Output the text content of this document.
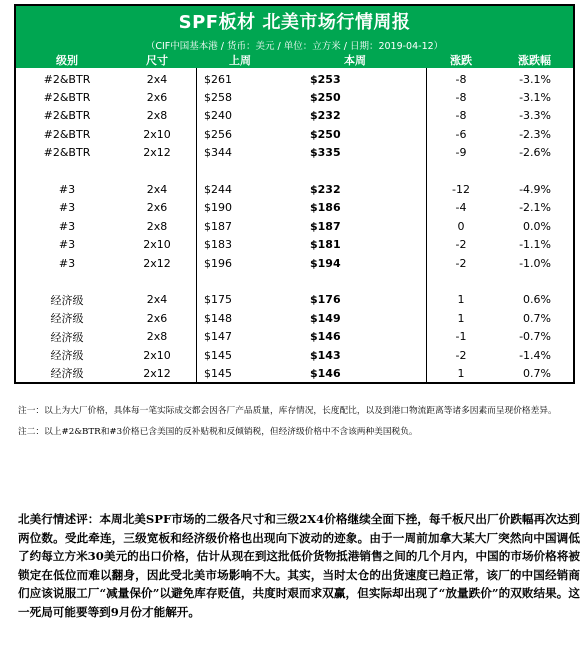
SPF板材 北美市场行情周报
（CIF中国基本港 / 货币：美元 / 单位：立方米 / 日期：2019-04-12）
级别	尺寸	上周	本周	涨跌	涨跌幅
#2&BTR	2x4	$261	$253	-8	-3.1%
#2&BTR	2x6	$258	$250	-8	-3.1%
#2&BTR	2x8	$240	$232	-8	-3.3%
#2&BTR	2x10	$256	$250	-6	-2.3%
#2&BTR	2x12	$344	$335	-9	-2.6%
#3	2x4	$244	$232	-12	-4.9%
#3	2x6	$190	$186	-4	-2.1%
#3	2x8	$187	$187	0	0.0%
#3	2x10	$183	$181	-2	-1.1%
#3	2x12	$196	$194	-2	-1.0%
经济级	2x4	$175	$176	1	0.6%
经济级	2x6	$148	$149	1	0.7%
经济级	2x8	$147	$146	-1	-0.7%
经济级	2x10	$145	$143	-2	-1.4%
经济级	2x12	$145	$146	1	0.7%

注一：以上为大厂价格，具体每一笔实际成交都会因各厂产品质量，库存情况，长度配比，以及到港口物流距离等诸多因素而呈现价格差异。

注二：以上#2&BTR和#3价格已含美国的反补贴税和反倾销税，但经济级价格中不含该两种美国税负。

北美行情述评：本周北美SPF市场的二级各尺寸和三级2X4价格继续全面下挫，每千板尺出厂价跌幅再次达到两位数。受此牵连，三级宽板和经济级价格也出现向下波动的迹象。由于一周前加拿大某大厂突然向中国调低了约每立方米30美元的出口价格，估计从现在到这批低价货物抵港销售之间的几个月内，中国的市场价格将被锁定在低位而难以翻身，因此受北美市场影响不大。其实，当时太仓的出货速度已趋正常，该厂的中国经销商们应该说服工厂“减量保价”以避免库存贬值，共度时艰而求双赢，但实际却出现了“放量跌价”的双败结果。这一死局可能要等到9月份才能解开。
